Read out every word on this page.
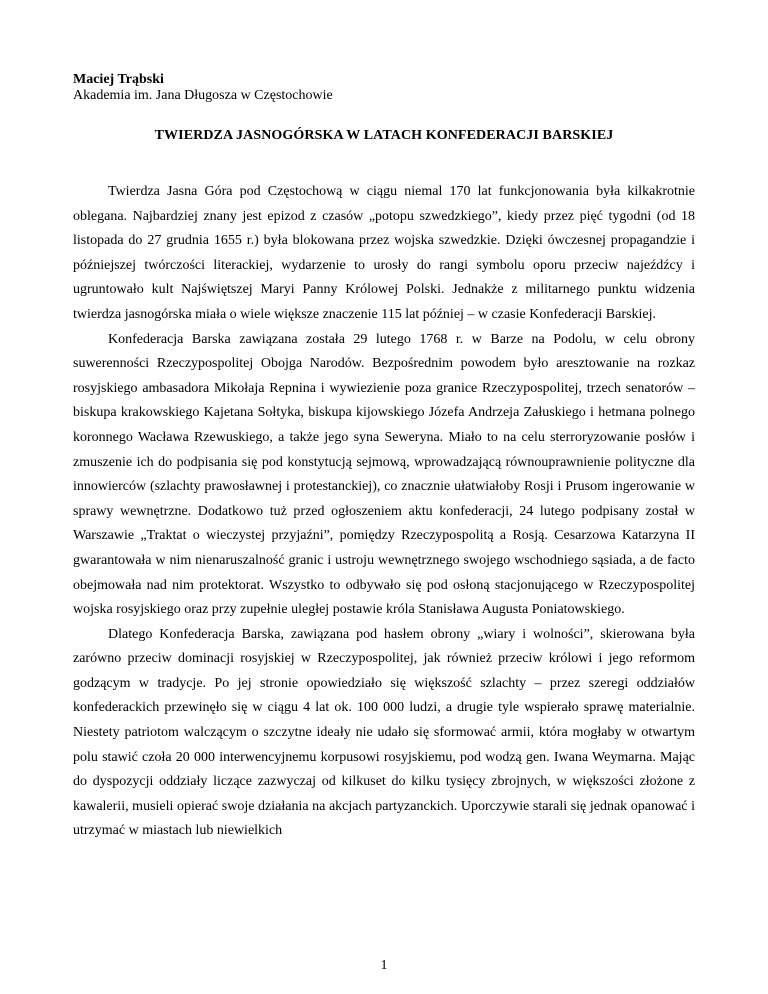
Maciej Trąbski

Akademia im. Jana Długosza w Częstochowie

TWIERDZA JASNOGÓRSKA W LATACH KONFEDERACJI BARSKIEJ

Twierdza Jasna Góra pod Częstochową w ciągu niemal 170 lat funkcjonowania była kilkakrotnie oblegana. Najbardziej znany jest epizod z czasów „potopu szwedzkiego”, kiedy przez pięć tygodni (od 18 listopada do 27 grudnia 1655 r.) była blokowana przez wojska szwedzkie. Dzięki ówczesnej propagandzie i późniejszej twórczości literackiej, wydarzenie to urosły do rangi symbolu oporu przeciw najeźdźcy i ugruntowało kult Najświętszej Maryi Panny Królowej Polski. Jednakże z militarnego punktu widzenia twierdza jasnogórska miała o wiele większe znaczenie 115 lat później – w czasie Konfederacji Barskiej.

Konfederacja Barska zawiązana została 29 lutego 1768 r. w Barze na Podolu, w celu obrony suwerenności Rzeczypospolitej Obojga Narodów. Bezpośrednim powodem było aresztowanie na rozkaz rosyjskiego ambasadora Mikołaja Repnina i wywiezienie poza granice Rzeczypospolitej, trzech senatorów – biskupa krakowskiego Kajetana Sołtyka, biskupa kijowskiego Józefa Andrzeja Załuskiego i hetmana polnego koronnego Wacława Rzewuskiego, a także jego syna Seweryna. Miało to na celu sterroryzowanie posłów i zmuszenie ich do podpisania się pod konstytucją sejmową, wprowadzającą równouprawnienie polityczne dla innowierców (szlachty prawosławnej i protestanckiej), co znacznie ułatwiałoby Rosji i Prusom ingerowanie w sprawy wewnętrzne. Dodatkowo tuż przed ogłoszeniem aktu konfederacji, 24 lutego podpisany został w Warszawie „Traktat o wieczystej przyjaźni”, pomiędzy Rzeczypospolitą a Rosją. Cesarzowa Katarzyna II gwarantowała w nim nienaruszalność granic i ustroju wewnętrznego swojego wschodniego sąsiada, a de facto obejmowała nad nim protektorat. Wszystko to odbywało się pod osłoną stacjonującego w Rzeczypospolitej wojska rosyjskiego oraz przy zupełnie uległej postawie króla Stanisława Augusta Poniatowskiego.

Dlatego Konfederacja Barska, zawiązana pod hasłem obrony „wiary i wolności”, skierowana była zarówno przeciw dominacji rosyjskiej w Rzeczypospolitej, jak również przeciw królowi i jego reformom godzącym w tradycje. Po jej stronie opowiedziało się większość szlachty – przez szeregi oddziałów konfederackich przewinęło się w ciągu 4 lat ok. 100 000 ludzi, a drugie tyle wspierało sprawę materialnie. Niestety patriotom walczącym o szczytne ideały nie udało się sformować armii, która mogłaby w otwartym polu stawić czoła 20 000 interwencyjnemu korpusowi rosyjskiemu, pod wodzą gen. Iwana Weymarna. Mając do dyspozycji oddziały liczące zazwyczaj od kilkuset do kilku tysięcy zbrojnych, w większości złożone z kawalerii, musieli opierać swoje działania na akcjach partyzanckich. Uporczywie starali się jednak opanować i utrzymać w miastach lub niewielkich

1
